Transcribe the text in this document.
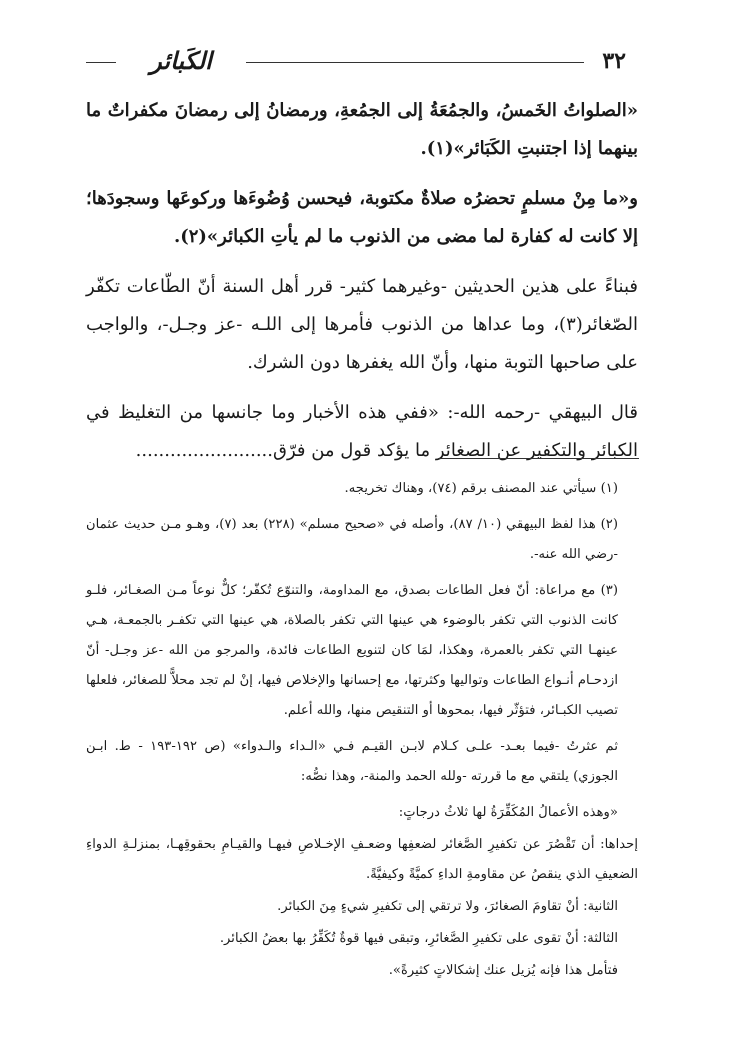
٣٢
الكَبائر

«الصلواتُ الخَمسُ، والجمُعَةُ إلى الجمُعةِ، ورمضانُ إلى رمضانَ مكفراتٌ ما بينهما إذا اجتنبتِ الكَبَائر»(١).

و«ما مِنْ مسلمٍ تحضرُه صلاةٌ مكتوبة، فيحسن وُضُوءَها وركوعَها وسجودَها؛ إلا كانت له كفارة لما مضى من الذنوب ما لم يأتِ الكبائر»(٢).

فبناءً على هذين الحديثين -وغيرهما كثير- قرر أهل السنة أنّ الطّاعات تكفّر الصّغائر(٣)، وما عداها من الذنوب فأمرها إلى اللـه -عز وجـل-، والواجب على صاحبها التوبة منها، وأنّ الله يغفرها دون الشرك.

قال البيهقي -رحمه الله-: «ففي هذه الأخبار وما جانسها من التغليظ في الكبائر والتكفير عن الصغائر ما يؤكد قول من فرّق........................

(١) سيأتي عند المصنف برقم (٧٤)، وهناك تخريجه.

(٢) هذا لفظ البيهقي (١٠/ ٨٧)، وأصله في «صحيح مسلم» (٢٢٨) بعد (٧)، وهـو مـن حديث عثمان -رضي الله عنه-.

(٣) مع مراعاة: أنّ فعل الطاعات بصدق، مع المداومة، والتنوّع تُكفّر؛ كلٌّ نوعاً مـن الصغـائر، فلـو كانت الذنوب التي تكفر بالوضوء هي عينها التي تكفر بالصلاة، هي عينها التي تكفـر بالجمعـة، هـي عينهـا التي تكفر بالعمرة، وهكذا، لمَا كان لتنويع الطاعات فائدة، والمرجو من الله -عز وجـل- أنّ ازدحـام أنـواع الطاعات وتواليها وكثرتها، مع إحسانها والإخلاص فيها، إنْ لم تجد محلاًّ للصغائر، فلعلها تصيب الكبـائر، فتؤثّر فيها، بمحوها أو التنقيص منها، والله أعلم.

ثم عثرتُ -فيما بعـد- علـى كـلام لابـن القيـم فـي «الـداء والـدواء» (ص ١٩٢-١٩٣ - ط. ابـن الجوزي) يلتقي مع ما قررته -ولله الحمد والمنة-، وهذا نصُّه:

«وهذه الأعمالُ المُكَفِّرَةُ لها ثلاثُ درجاتٍ:

إحداها: أن تَقْصُرَ عن تكفيرِ الصَّغائر لضعفِها وضعـفِ الإخـلاصِ فيهـا والقيـامِ بحقوقِهـا، بمنزلـةِ الدواءِ الضعيفِ الذي ينقصُ عن مقاومةِ الداءِ كميَّةً وكيفيَّةً.

الثانية: أنْ تقاومَ الصغائرَ، ولا ترتقي إلى تكفيرِ شيءٍ مِنَ الكبائر.

الثالثة: أنْ تقوى على تكفيرِ الصَّغائرِ، وتبقى فيها قوةٌ تُكَفِّرُ بها بعضُ الكبائر.

فتأمل هذا فإنه يُزيل عنك إشكالاتٍ كثيرةً».
